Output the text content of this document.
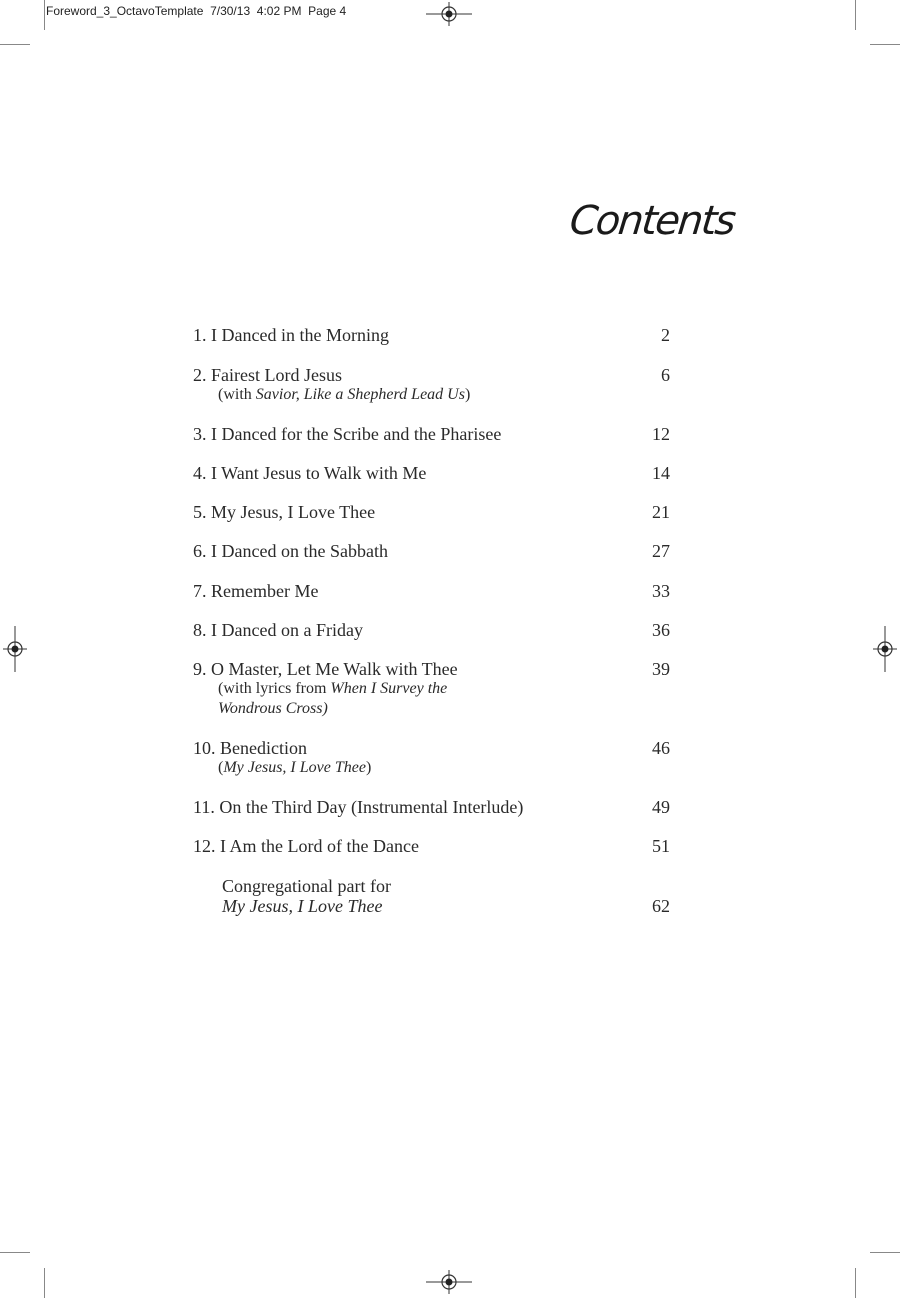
Foreword_3_OctavoTemplate  7/30/13  4:02 PM  Page 4
Contents
1. I Danced in the Morning	2
2. Fairest Lord Jesus	6
(with Savior, Like a Shepherd Lead Us)
3. I Danced for the Scribe and the Pharisee	12
4. I Want Jesus to Walk with Me	14
5. My Jesus, I Love Thee	21
6. I Danced on the Sabbath	27
7. Remember Me	33
8. I Danced on a Friday	36
9. O Master, Let Me Walk with Thee	39
(with lyrics from When I Survey the
Wondrous Cross)
10. Benediction	46
(My Jesus, I Love Thee)
11. On the Third Day (Instrumental Interlude)	49
12. I Am the Lord of the Dance	51
Congregational part for
My Jesus, I Love Thee	62
